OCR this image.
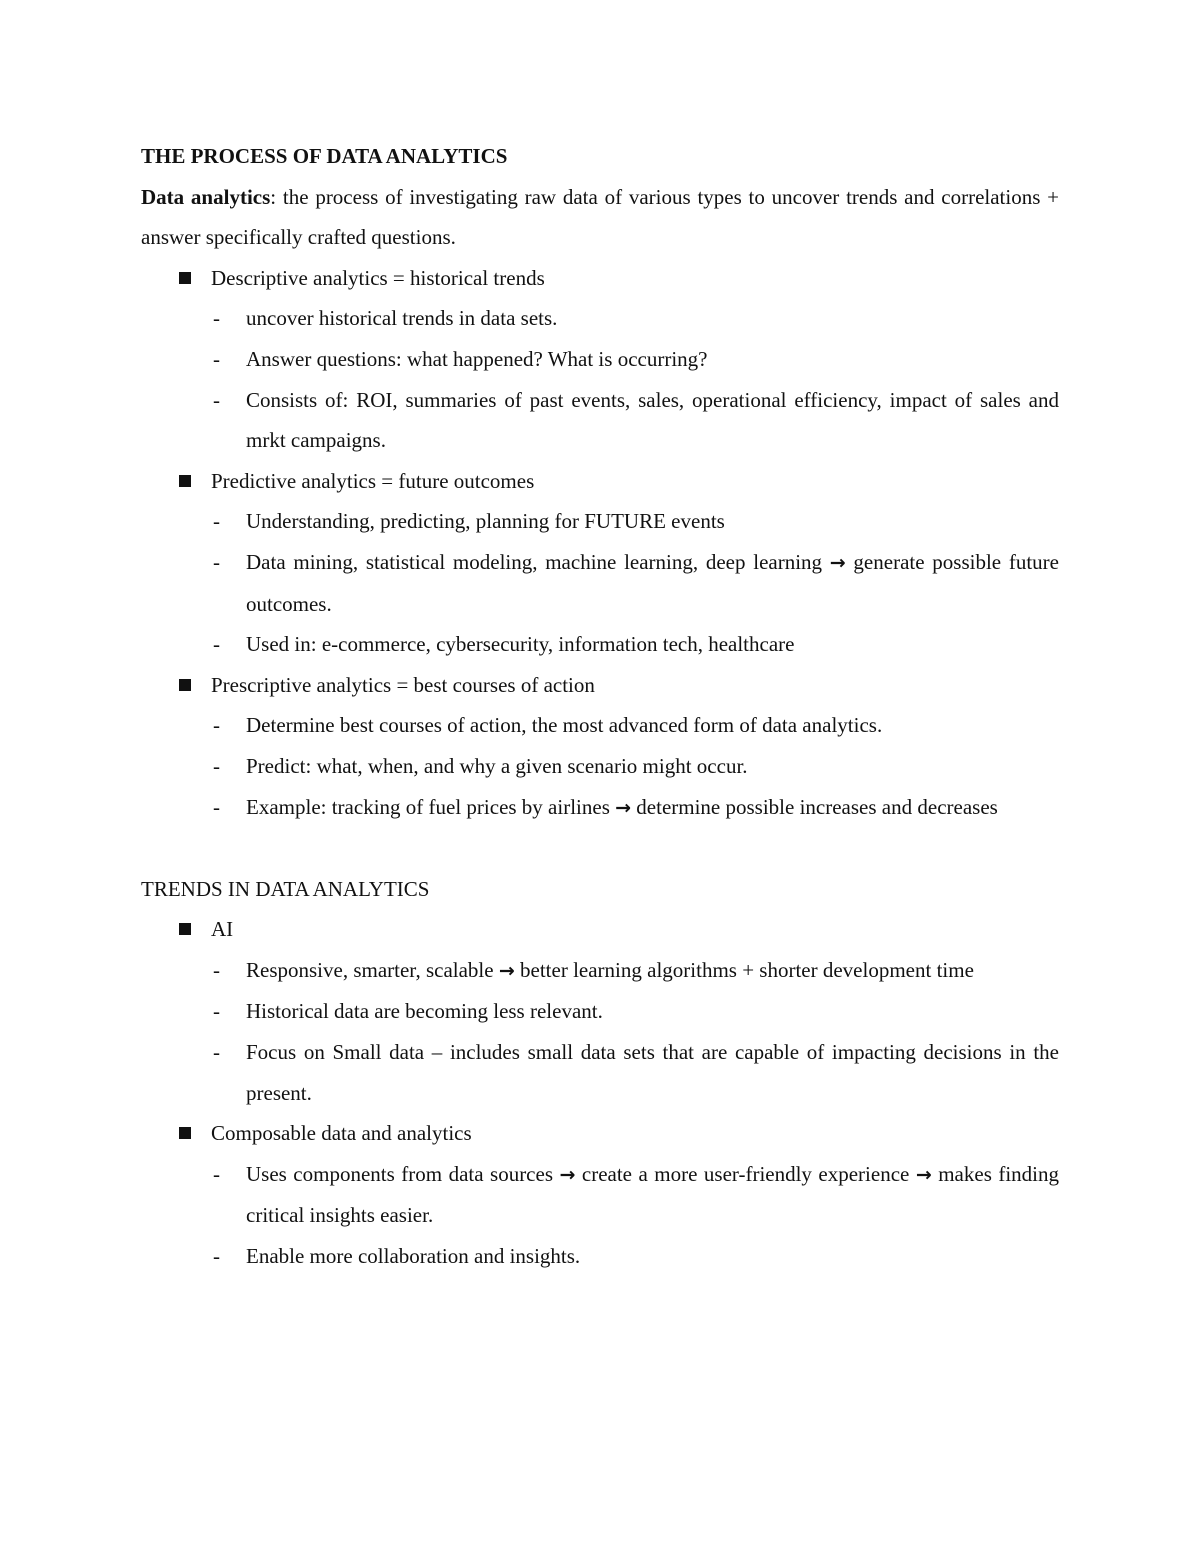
THE PROCESS OF DATA ANALYTICS

Data analytics: the process of investigating raw data of various types to uncover trends and correlations + answer specifically crafted questions.

Descriptive analytics = historical trends

- uncover historical trends in data sets.

- Answer questions: what happened? What is occurring?

- Consists of: ROI, summaries of past events, sales, operational efficiency, impact of sales and mrkt campaigns.

Predictive analytics = future outcomes

- Understanding, predicting, planning for FUTURE events

- Data mining, statistical modeling, machine learning, deep learning → generate possible future outcomes.

- Used in: e-commerce, cybersecurity, information tech, healthcare

Prescriptive analytics = best courses of action

- Determine best courses of action, the most advanced form of data analytics.

- Predict: what, when, and why a given scenario might occur.

- Example: tracking of fuel prices by airlines → determine possible increases and decreases

TRENDS IN DATA ANALYTICS

AI

- Responsive, smarter, scalable → better learning algorithms + shorter development time

- Historical data are becoming less relevant.

- Focus on Small data – includes small data sets that are capable of impacting decisions in the present.

Composable data and analytics

- Uses components from data sources → create a more user-friendly experience → makes finding critical insights easier.

- Enable more collaboration and insights.
